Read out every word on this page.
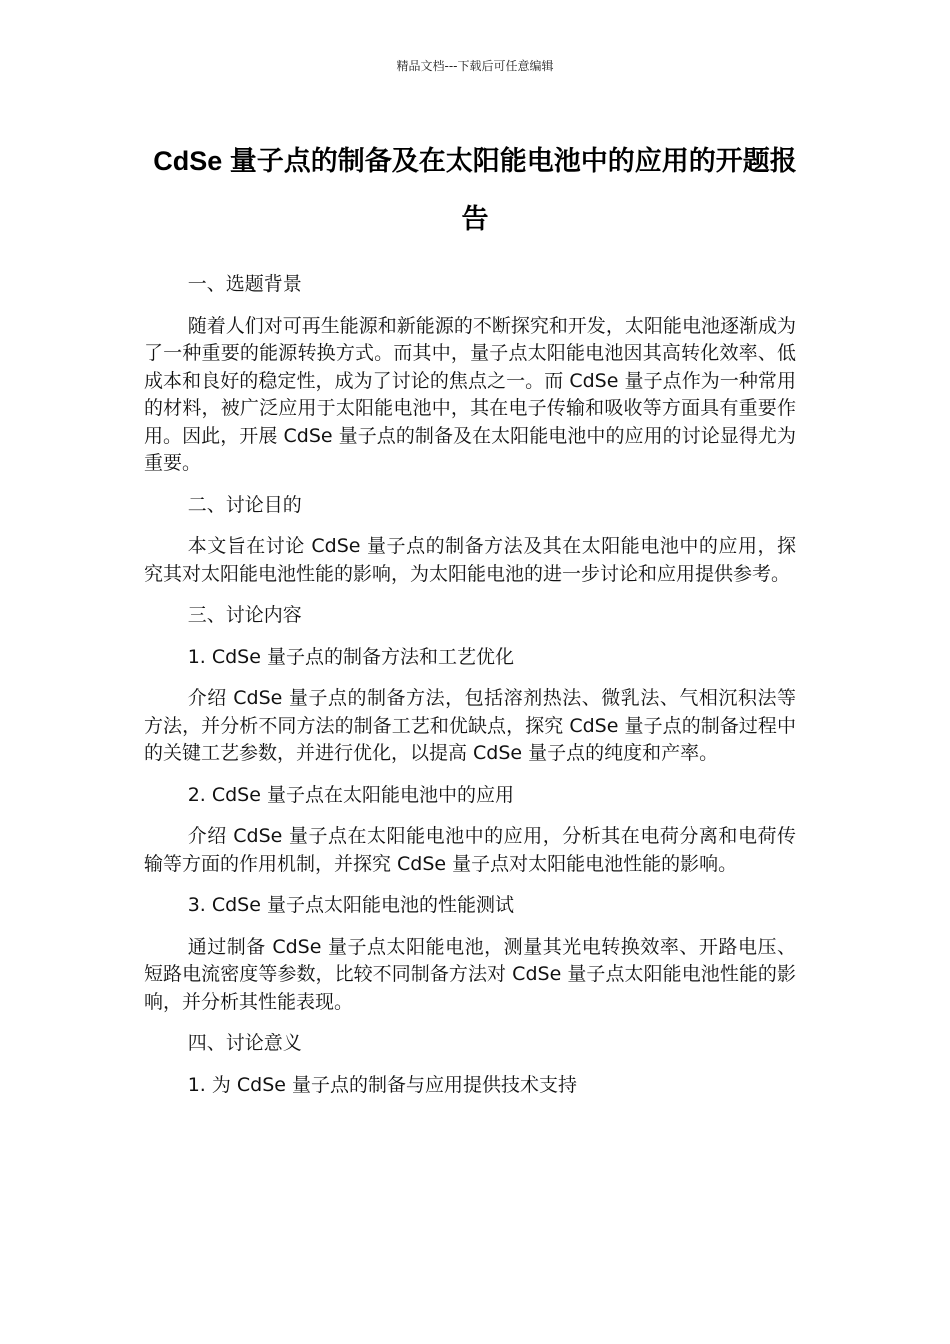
精品文档---下载后可任意编辑
CdSe 量子点的制备及在太阳能电池中的应用的开题报告

一、选题背景

随着人们对可再生能源和新能源的不断探究和开发，太阳能电池逐渐成为了一种重要的能源转换方式。而其中，量子点太阳能电池因其高转化效率、低成本和良好的稳定性，成为了讨论的焦点之一。而 CdSe 量子点作为一种常用的材料，被广泛应用于太阳能电池中，其在电子传输和吸收等方面具有重要作用。因此，开展 CdSe 量子点的制备及在太阳能电池中的应用的讨论显得尤为重要。

二、讨论目的

本文旨在讨论 CdSe 量子点的制备方法及其在太阳能电池中的应用，探究其对太阳能电池性能的影响，为太阳能电池的进一步讨论和应用提供参考。

三、讨论内容

1. CdSe 量子点的制备方法和工艺优化

介绍 CdSe 量子点的制备方法，包括溶剂热法、微乳法、气相沉积法等方法，并分析不同方法的制备工艺和优缺点，探究 CdSe 量子点的制备过程中的关键工艺参数，并进行优化，以提高 CdSe 量子点的纯度和产率。

2. CdSe 量子点在太阳能电池中的应用

介绍 CdSe 量子点在太阳能电池中的应用，分析其在电荷分离和电荷传输等方面的作用机制，并探究 CdSe 量子点对太阳能电池性能的影响。

3. CdSe 量子点太阳能电池的性能测试

通过制备 CdSe 量子点太阳能电池，测量其光电转换效率、开路电压、短路电流密度等参数，比较不同制备方法对 CdSe 量子点太阳能电池性能的影响，并分析其性能表现。

四、讨论意义

1. 为 CdSe 量子点的制备与应用提供技术支持
